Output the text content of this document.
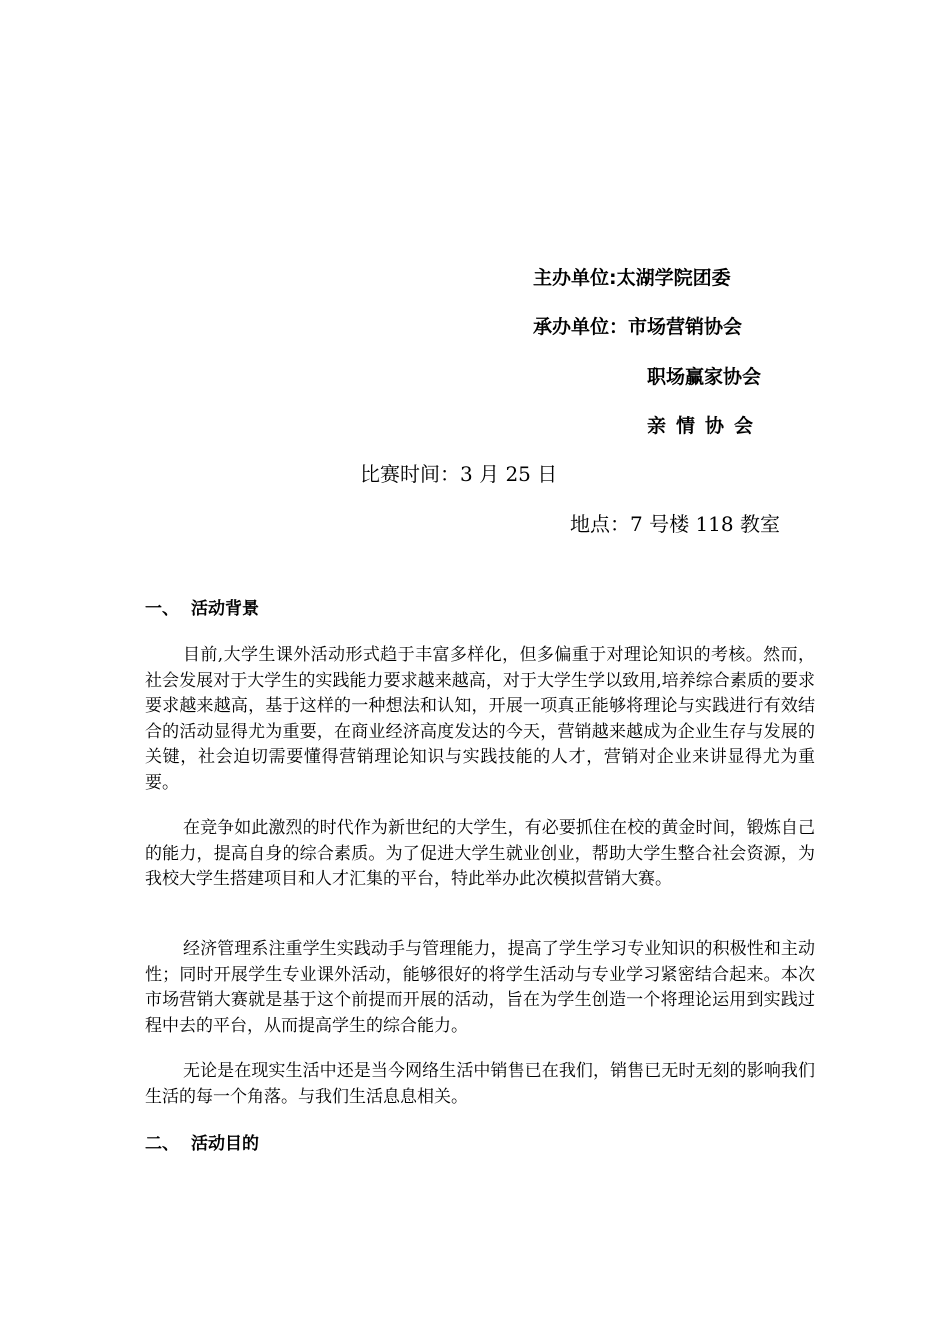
主办单位:太湖学院团委
承办单位：市场营销协会
职场赢家协会
亲情协会
比赛时间：3 月 25 日
地点：7 号楼 118 教室
一、 活动背景
目前,大学生课外活动形式趋于丰富多样化，但多偏重于对理论知识的考核。然而，社会发展对于大学生的实践能力要求越来越高，对于大学生学以致用,培养综合素质的要求要求越来越高，基于这样的一种想法和认知，开展一项真正能够将理论与实践进行有效结合的活动显得尤为重要，在商业经济高度发达的今天，营销越来越成为企业生存与发展的关键，社会迫切需要懂得营销理论知识与实践技能的人才，营销对企业来讲显得尤为重要。
在竞争如此激烈的时代作为新世纪的大学生，有必要抓住在校的黄金时间，锻炼自己的能力，提高自身的综合素质。为了促进大学生就业创业，帮助大学生整合社会资源，为我校大学生搭建项目和人才汇集的平台，特此举办此次模拟营销大赛。
经济管理系注重学生实践动手与管理能力，提高了学生学习专业知识的积极性和主动性；同时开展学生专业课外活动，能够很好的将学生活动与专业学习紧密结合起来。本次市场营销大赛就是基于这个前提而开展的活动，旨在为学生创造一个将理论运用到实践过程中去的平台，从而提高学生的综合能力。
无论是在现实生活中还是当今网络生活中销售已在我们，销售已无时无刻的影响我们生活的每一个角落。与我们生活息息相关。
二、 活动目的
